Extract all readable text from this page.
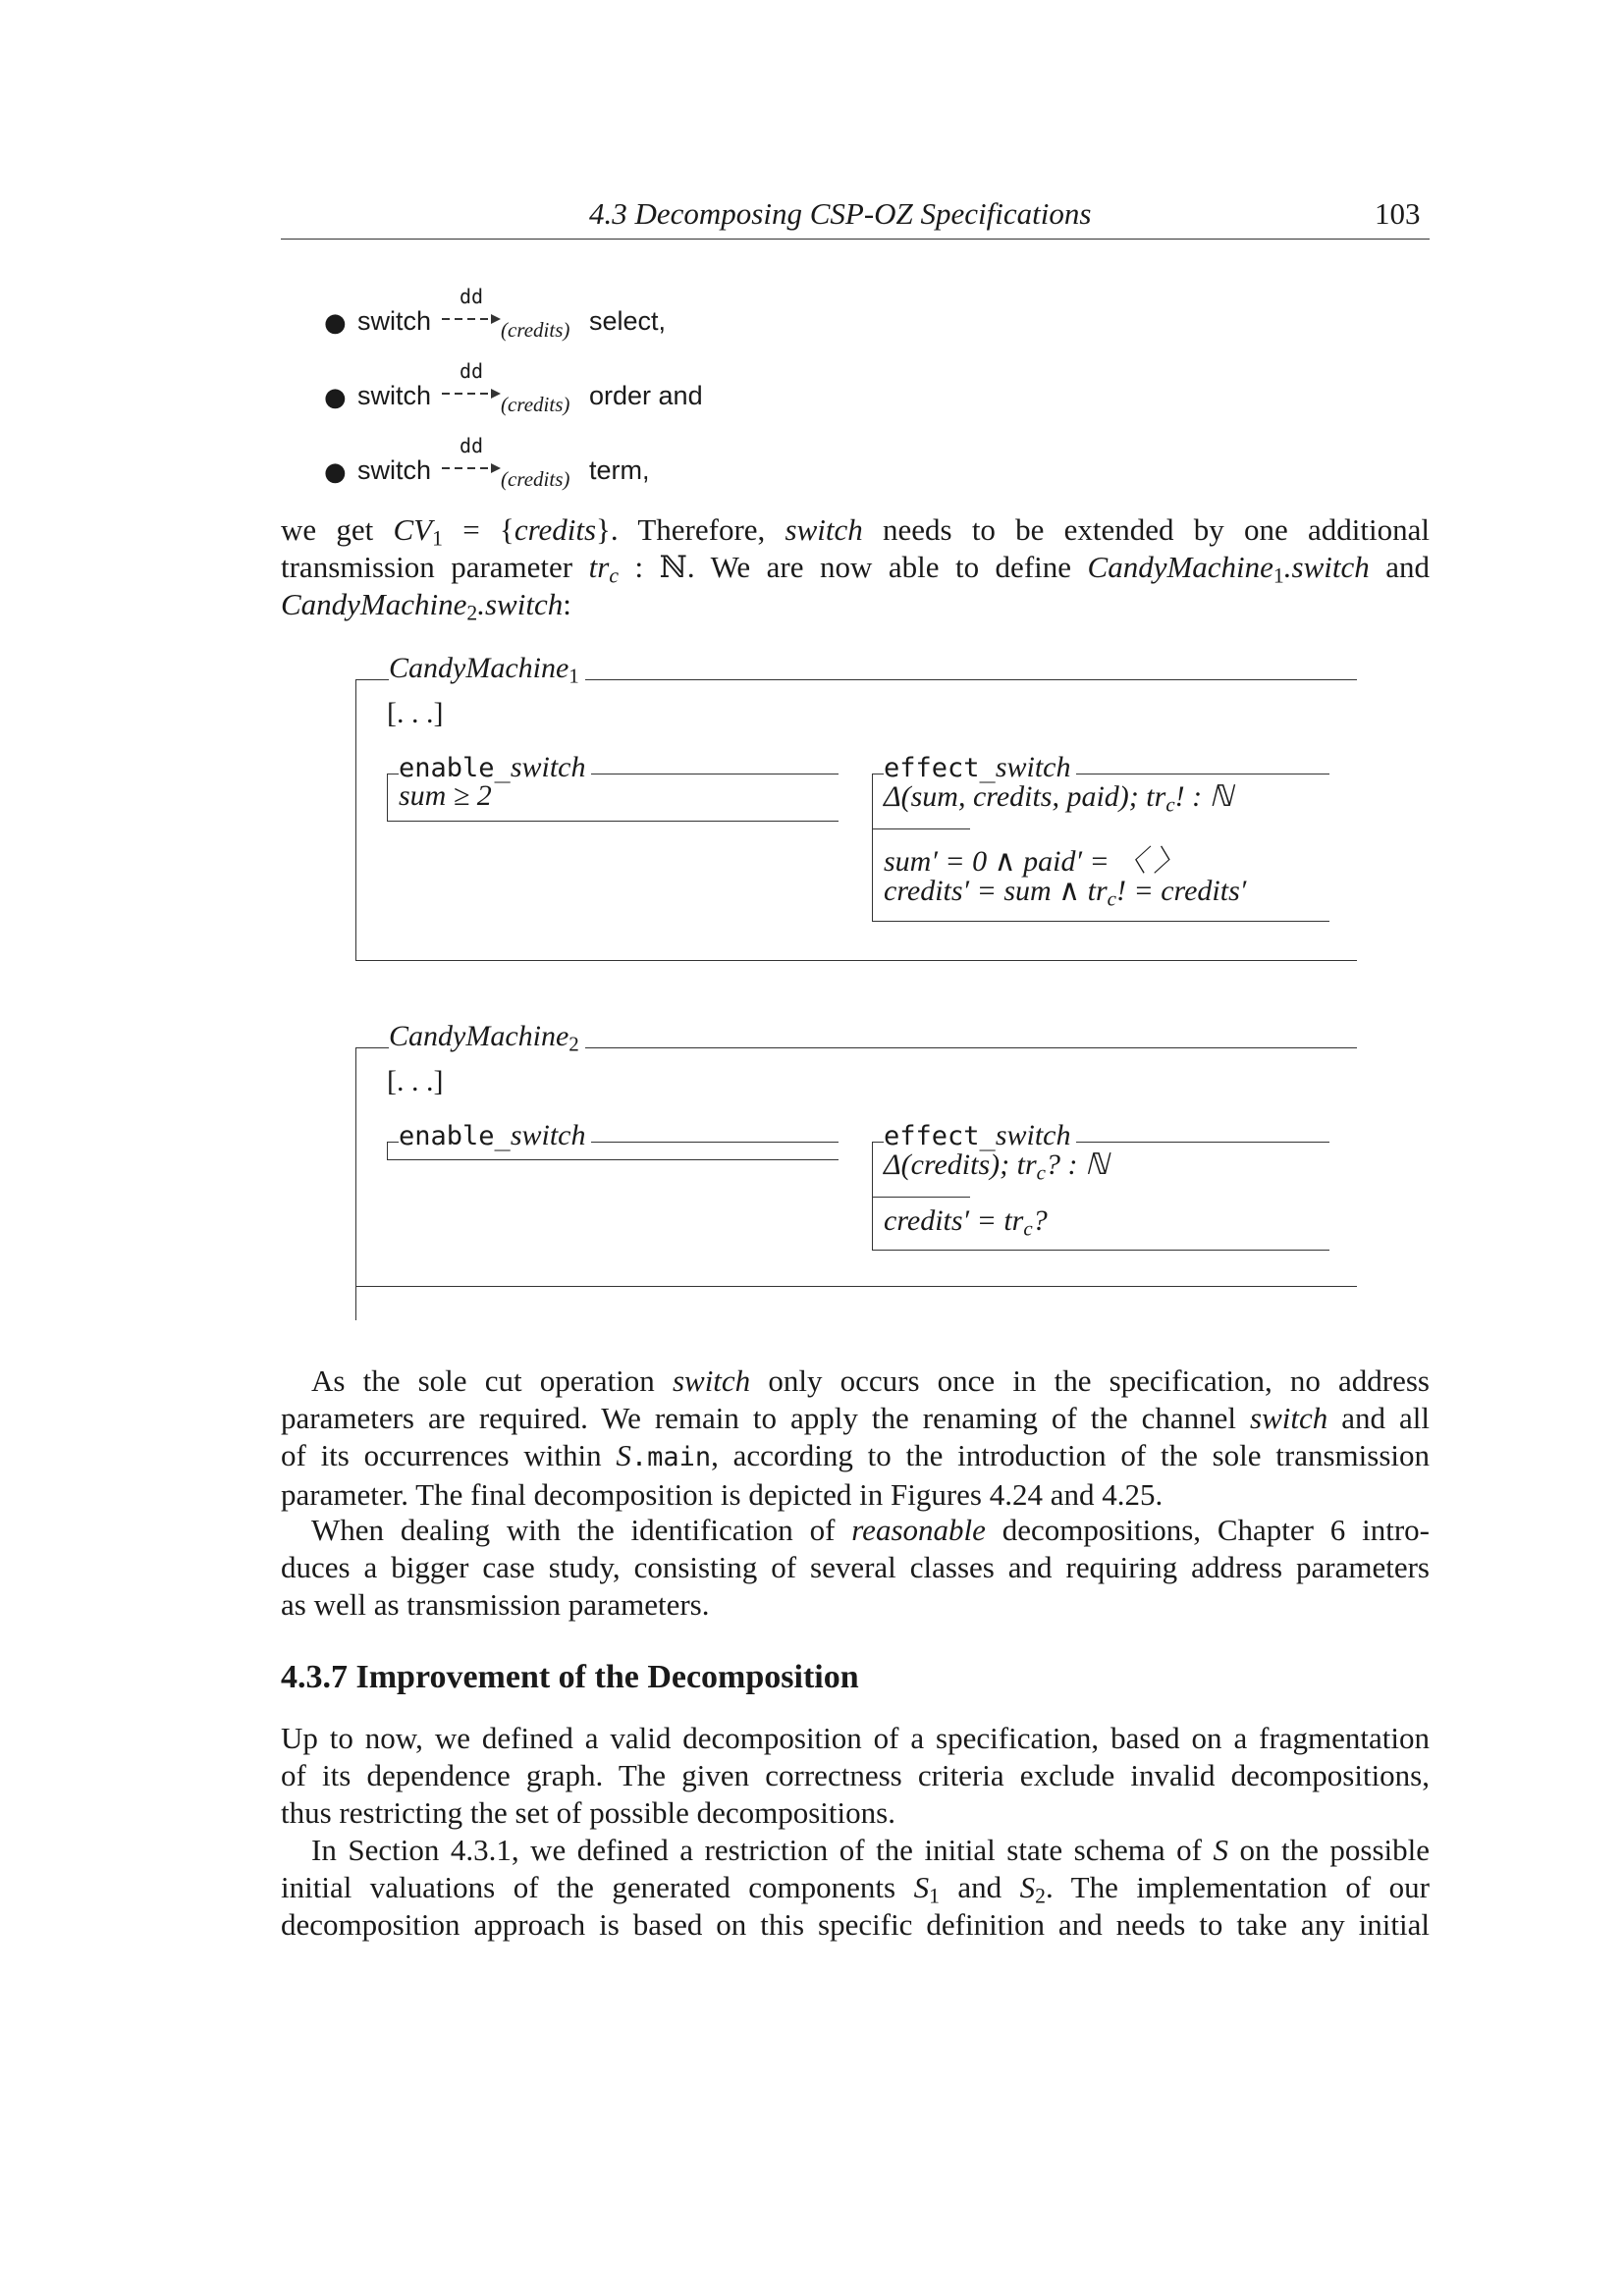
4.3 Decomposing CSP-OZ Specifications	103
● switch
dd
(credits) select,
● switch
dd
(credits) order and
● switch
dd
(credits) term,

we get $CV_1$ = {credits}. Therefore, switch needs to be extended by one additional

transmission parameter $tr_c$ : ℕ. We are now able to define CandyMachine$_1$.switch and

CandyMachine$_2$.switch:

CandyMachine$_1$
[. . .]
enable_switch
sum ≥ 2
effect_switch
Δ(sum, credits, paid); $tr_c$! : ℕ
sum′ = 0 ∧ paid′ = 〈 〉
credits′ = sum ∧ $tr_c$! = credits′
CandyMachine$_2$
[. . .]
enable_switch	effect_switch
Δ(credits); $tr_c$? : ℕ
credits′ = $tr_c$?

As the sole cut operation switch only occurs once in the specification, no address

parameters are required. We remain to apply the renaming of the channel switch and all

of its occurrences within S.main, according to the introduction of the sole transmission

parameter. The final decomposition is depicted in Figures 4.24 and 4.25.

When dealing with the identification of reasonable decompositions, Chapter 6 intro-

duces a bigger case study, consisting of several classes and requiring address parameters

as well as transmission parameters.

4.3.7 Improvement of the Decomposition

Up to now, we defined a valid decomposition of a specification, based on a fragmentation

of its dependence graph. The given correctness criteria exclude invalid decompositions,

thus restricting the set of possible decompositions.

In Section 4.3.1, we defined a restriction of the initial state schema of S on the possible

initial valuations of the generated components $S_1$ and $S_2$. The implementation of our

decomposition approach is based on this specific definition and needs to take any initial
